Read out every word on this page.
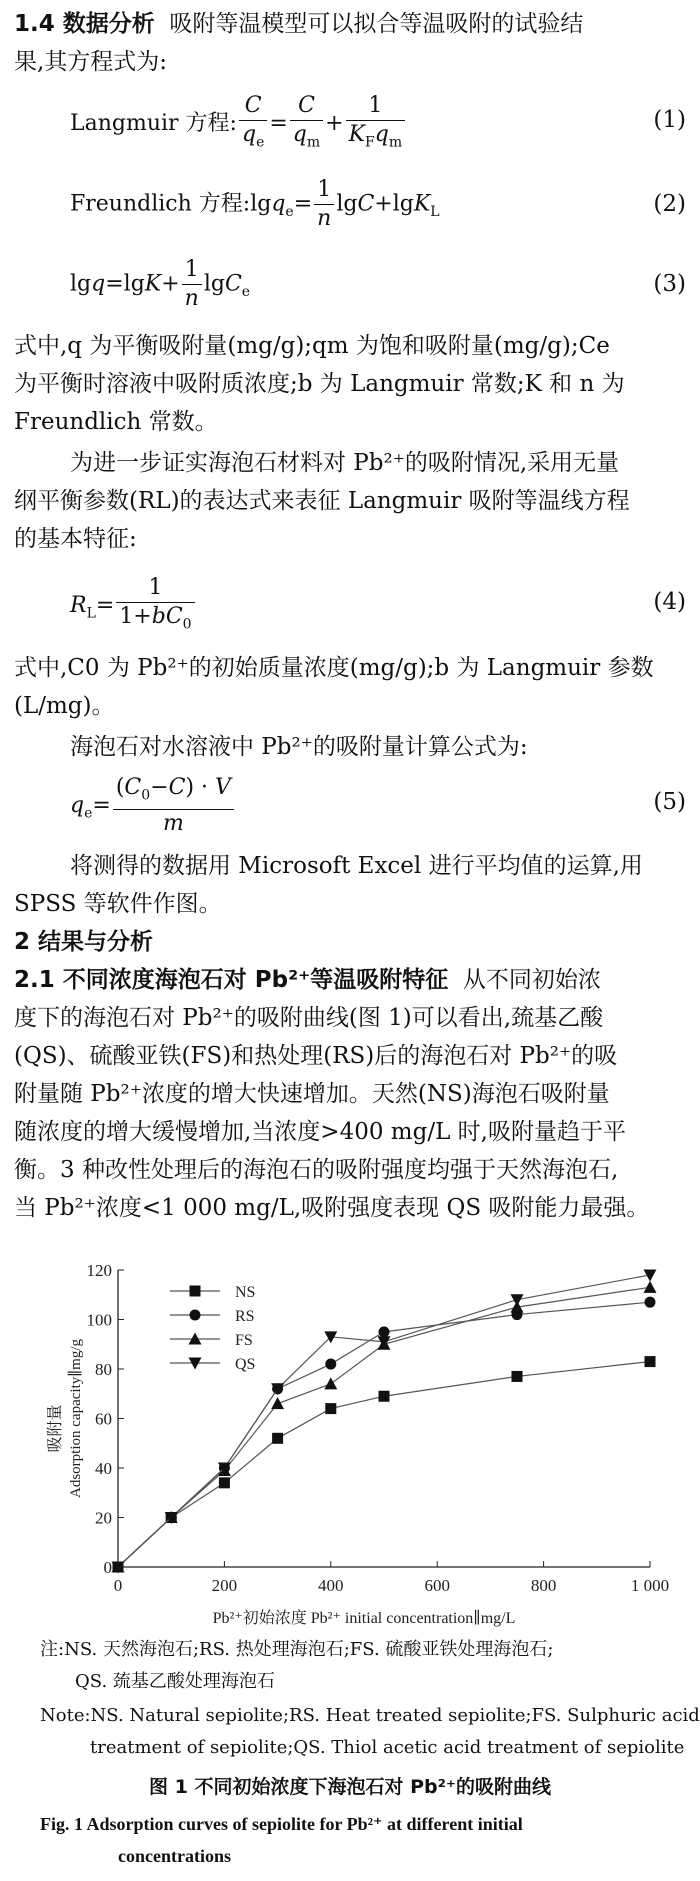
1.4 数据分析 吸附等温模型可以拟合等温吸附的试验结
果,其方程式为:
Langmuir 方程: $\frac{C}{q_e} = \frac{C}{q_m} + \frac{1}{K_Fq_m}$	(1)
Freundlich 方程:lgq$_e$= $\frac{1}{n} \lg C+\lg K_L$	(2)
$\lg q=\lg K+ \frac{1}{n} \lg C_e$	(3)
式中,q 为平衡吸附量(mg/g);qm 为饱和吸附量(mg/g);Ce
为平衡时溶液中吸附质浓度;b 为 Langmuir 常数;K 和 n 为
Freundlich 常数。
为进一步证实海泡石材料对 Pb²⁺的吸附情况,采用无量
纲平衡参数(RL)的表达式来表征 Langmuir 吸附等温线方程
的基本特征:
$R_L= \frac{1}{1+bC_0}$	(4)
式中,C0 为 Pb²⁺的初始质量浓度(mg/g);b 为 Langmuir 参数
(L/mg)。
海泡石对水溶液中 Pb²⁺的吸附量计算公式为:
$q_e= \frac{(C_0-C) \cdot V}{m}$	(5)
将测得的数据用 Microsoft Excel 进行平均值的运算,用
SPSS 等软件作图。
2 结果与分析
2.1 不同浓度海泡石对 Pb²⁺等温吸附特征 从不同初始浓
度下的海泡石对 Pb²⁺的吸附曲线(图 1)可以看出,巯基乙酸
(QS)、硫酸亚铁(FS)和热处理(RS)后的海泡石对 Pb²⁺的吸
附量随 Pb²⁺浓度的增大快速增加。天然(NS)海泡石吸附量
随浓度的增大缓慢增加,当浓度>400 mg/L 时,吸附量趋于平
衡。3 种改性处理后的海泡石的吸附强度均强于天然海泡石,
当 Pb²⁺浓度<1 000 mg/L,吸附强度表现 QS 吸附能力最强。
0
20
40
60
80
100
120
0	200	400	600	800	1 000
Pb²⁺初始浓度 Pb²⁺ initial concentration∥mg/L
吸附量 Adsorption capacity∥mg/g
NS
RS
FS
QS
注:NS. 天然海泡石;RS. 热处理海泡石;FS. 硫酸亚铁处理海泡石;
QS. 巯基乙酸处理海泡石
Note:NS. Natural sepiolite;RS. Heat treated sepiolite;FS. Sulphuric acid
treatment of sepiolite;QS. Thiol acetic acid treatment of sepiolite
图 1 不同初始浓度下海泡石对 Pb²⁺的吸附曲线
Fig. 1 Adsorption curves of sepiolite for Pb²⁺ at different initial
concentrations
